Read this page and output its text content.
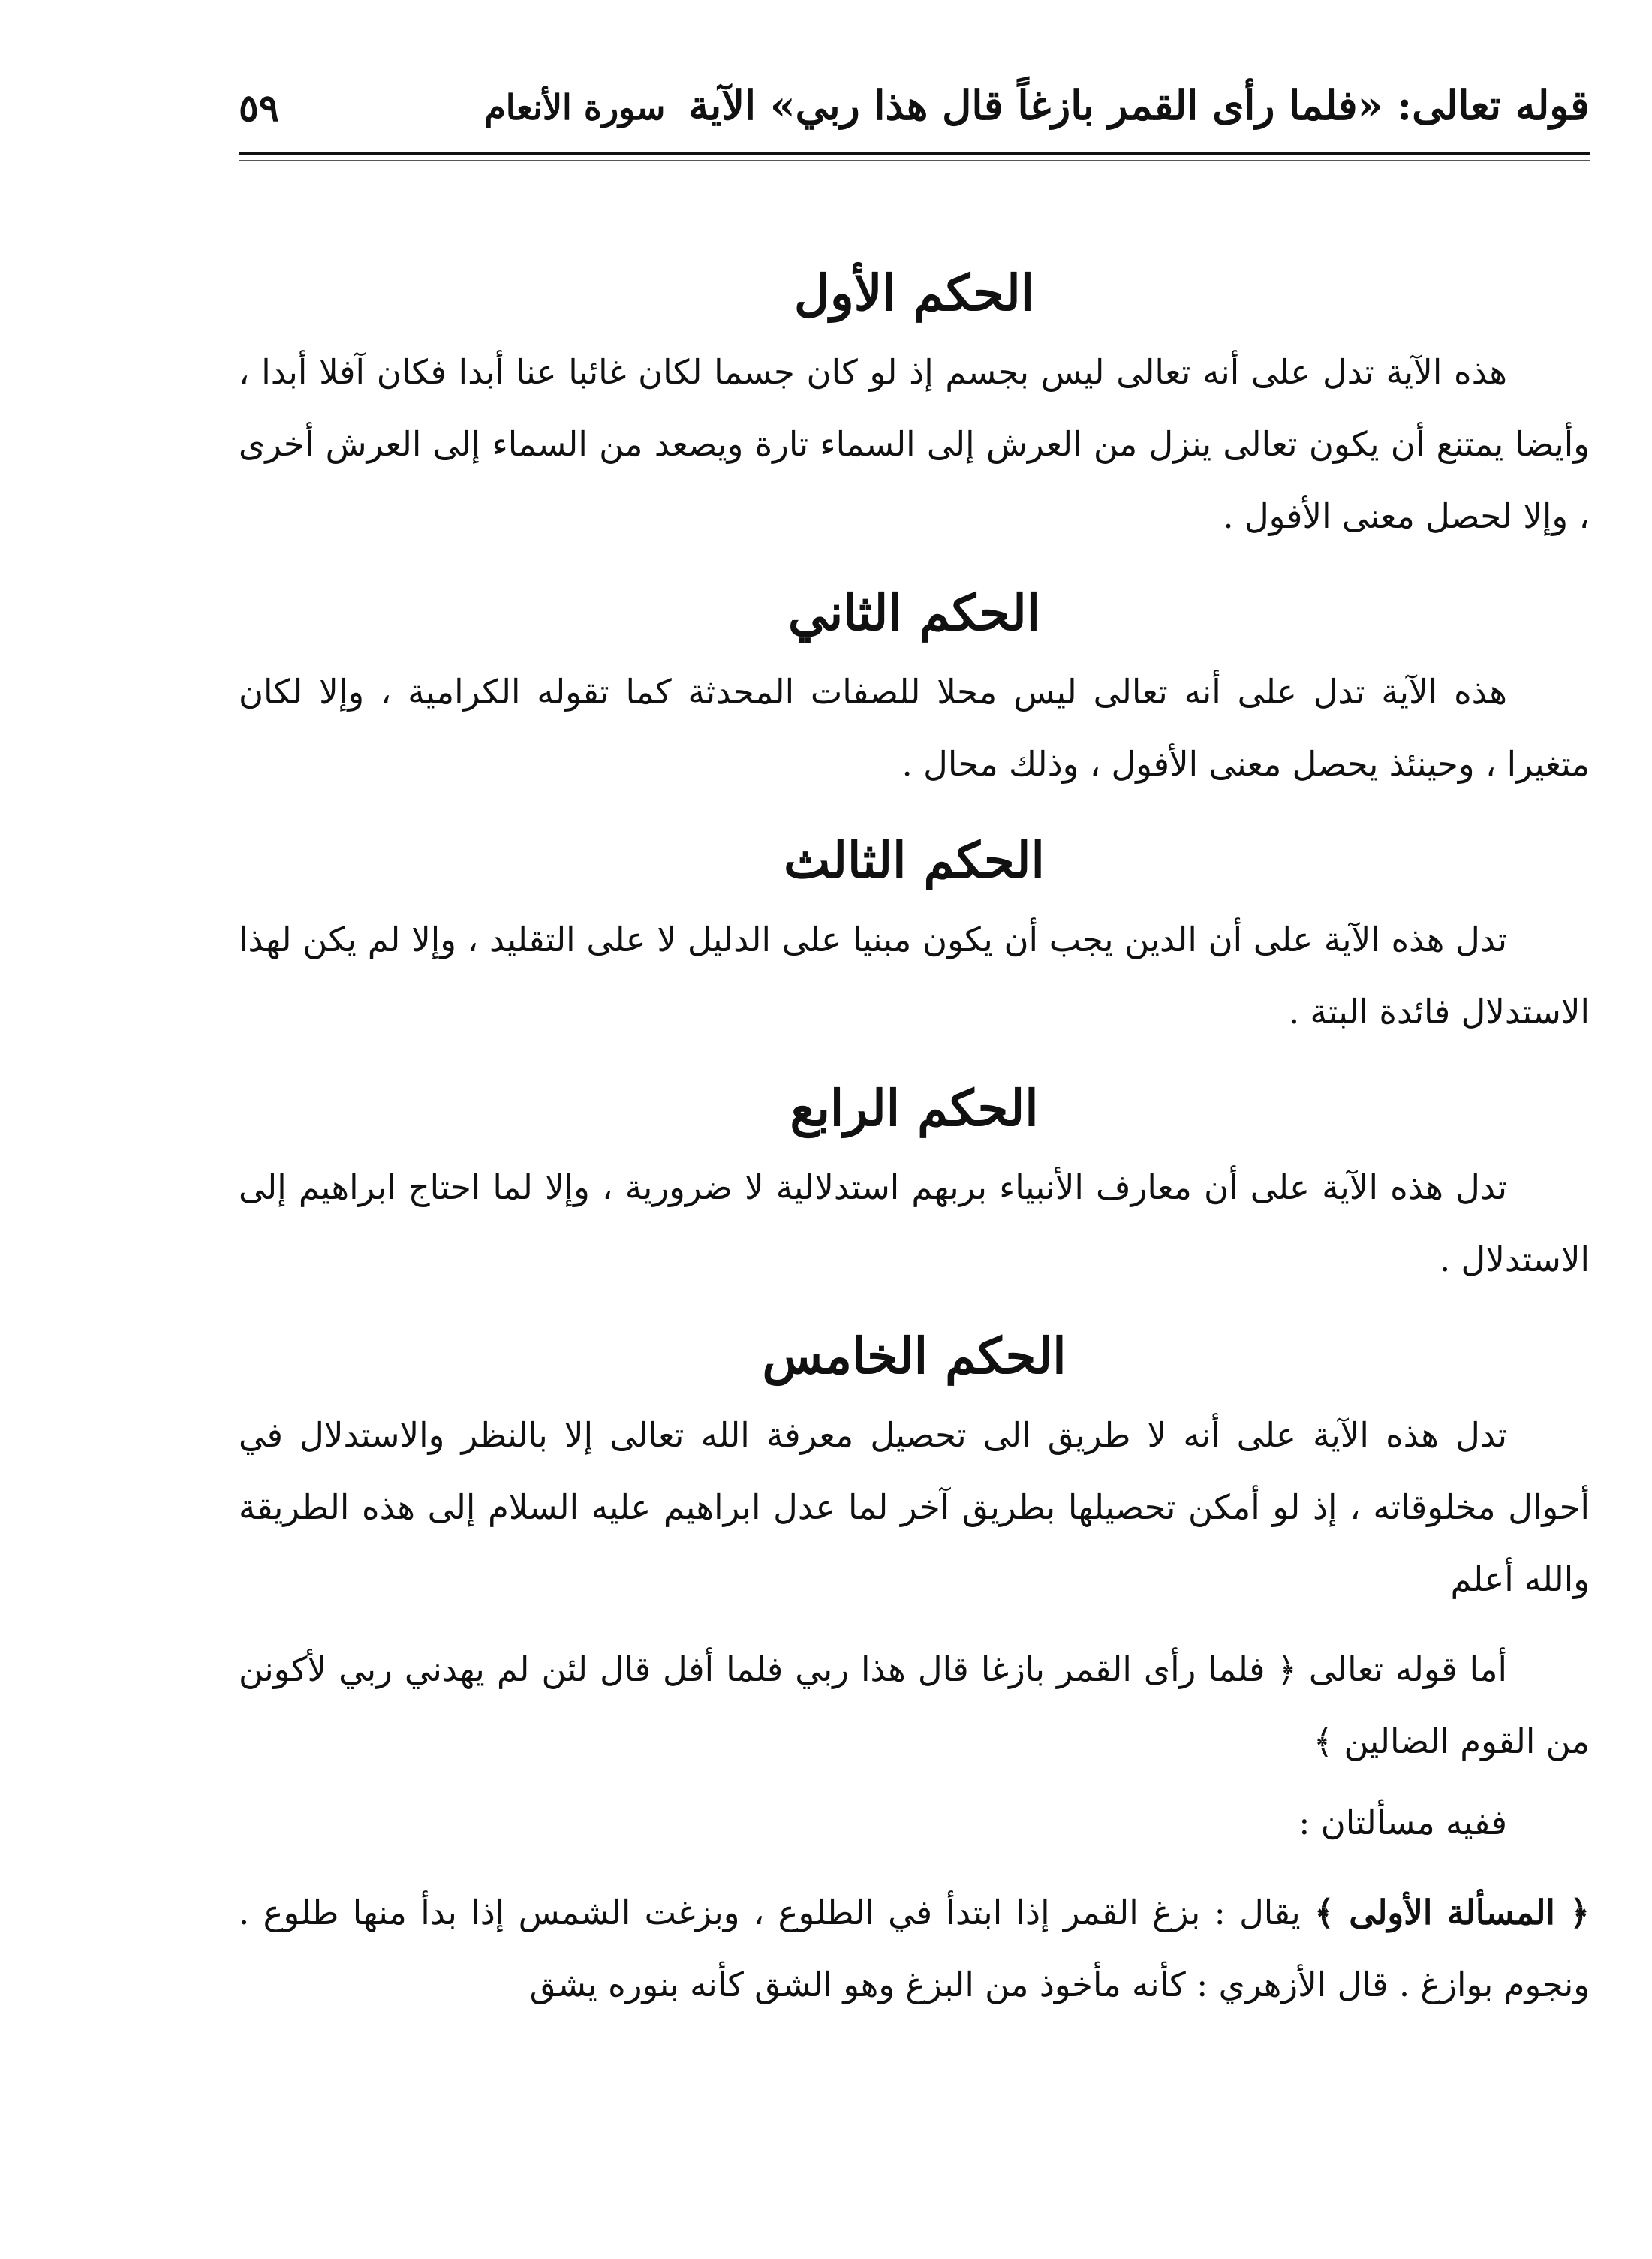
قوله تعالى: «فلما رأى القمر بازغاً قال هذا ربي» الآية سورة الأنعام
٥٩
الحكم الأول

هذه الآية تدل على أنه تعالى ليس بجسم إذ لو كان جسما لكان غائبا عنا أبدا فكان آفلا أبدا ، وأيضا يمتنع أن يكون تعالى ينزل من العرش إلى السماء تارة ويصعد من السماء إلى العرش أخرى ، وإلا لحصل معنى الأفول .

الحكم الثاني

هذه الآية تدل على أنه تعالى ليس محلا للصفات المحدثة كما تقوله الكرامية ، وإلا لكان متغيرا ، وحينئذ يحصل معنى الأفول ، وذلك محال .

الحكم الثالث

تدل هذه الآية على أن الدين يجب أن يكون مبنيا على الدليل لا على التقليد ، وإلا لم يكن لهذا الاستدلال فائدة البتة .

الحكم الرابع

تدل هذه الآية على أن معارف الأنبياء بربهم استدلالية لا ضرورية ، وإلا لما احتاج ابراهيم إلى الاستدلال .

الحكم الخامس

تدل هذه الآية على أنه لا طريق الى تحصيل معرفة الله تعالى إلا بالنظر والاستدلال في أحوال مخلوقاته ، إذ لو أمكن تحصيلها بطريق آخر لما عدل ابراهيم عليه السلام إلى هذه الطريقة والله أعلم

أما قوله تعالى ﴿ فلما رأى القمر بازغا قال هذا ربي فلما أفل قال لئن لم يهدني ربي لأكونن من القوم الضالين ﴾

ففيه مسألتان :

﴿ المسألة الأولى ﴾ يقال : بزغ القمر إذا ابتدأ في الطلوع ، وبزغت الشمس إذا بدأ منها طلوع . ونجوم بوازغ . قال الأزهري : كأنه مأخوذ من البزغ وهو الشق كأنه بنوره يشق
